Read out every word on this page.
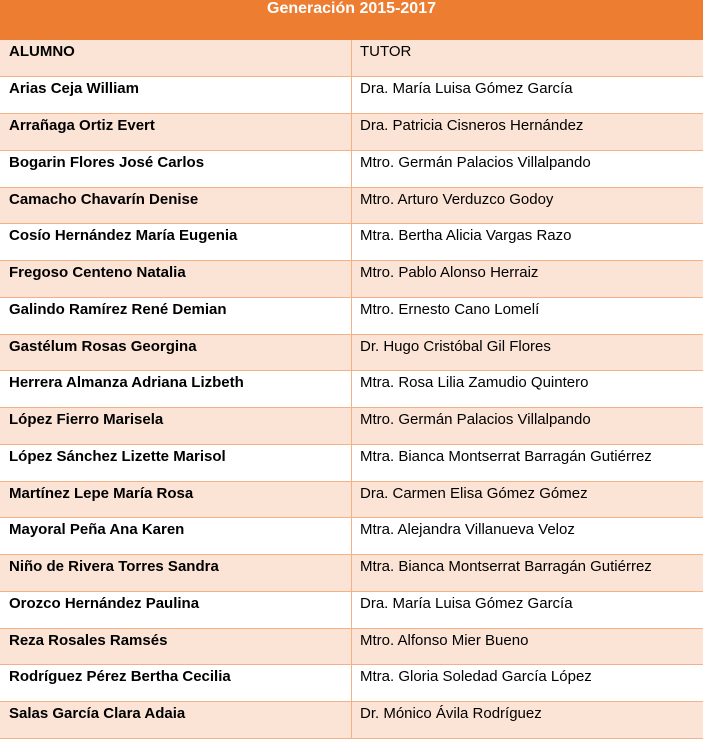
Generación 2015-2017	
ALUMNO	TUTOR
Arias Ceja William	Dra. María Luisa Gómez García
Arrañaga Ortiz Evert	Dra. Patricia Cisneros Hernández
Bogarin Flores José Carlos	Mtro. Germán Palacios Villalpando
Camacho Chavarín Denise	Mtro. Arturo Verduzco Godoy
Cosío Hernández María Eugenia	Mtra. Bertha Alicia Vargas Razo
Fregoso Centeno Natalia	Mtro. Pablo Alonso Herraiz
Galindo Ramírez René Demian	Mtro. Ernesto Cano Lomelí
Gastélum Rosas Georgina	Dr. Hugo Cristóbal Gil Flores
Herrera Almanza Adriana Lizbeth	Mtra. Rosa Lilia Zamudio Quintero
López Fierro Marisela	Mtro. Germán Palacios Villalpando
López Sánchez Lizette Marisol	Mtra. Bianca Montserrat Barragán Gutiérrez
Martínez Lepe María Rosa	Dra. Carmen Elisa Gómez Gómez
Mayoral Peña Ana Karen	Mtra. Alejandra Villanueva Veloz
Niño de Rivera Torres Sandra	Mtra. Bianca Montserrat Barragán Gutiérrez
Orozco Hernández Paulina	Dra. María Luisa Gómez García
Reza Rosales Ramsés	Mtro. Alfonso Mier Bueno
Rodríguez Pérez Bertha Cecilia	Mtra. Gloria Soledad García López
Salas García Clara Adaia	Dr. Mónico Ávila Rodríguez
